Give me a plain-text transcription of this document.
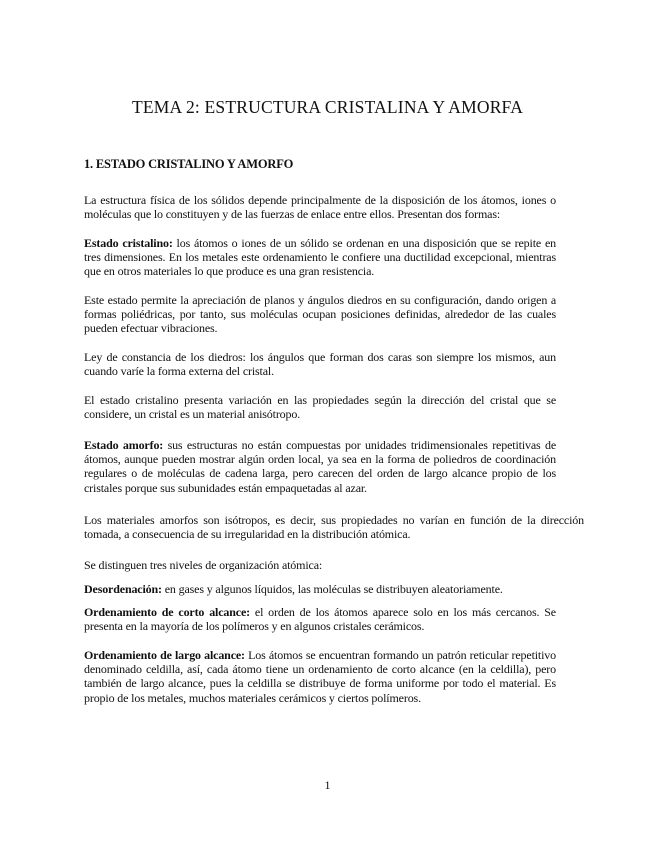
TEMA 2: ESTRUCTURA CRISTALINA Y AMORFA
1. ESTADO CRISTALINO Y AMORFO

La estructura física de los sólidos depende principalmente de la disposición de los átomos, iones o moléculas que lo constituyen y de las fuerzas de enlace entre ellos. Presentan dos formas:

Estado cristalino: los átomos o iones de un sólido se ordenan en una disposición que se repite en tres dimensiones. En los metales este ordenamiento le confiere una ductilidad excepcional, mientras que en otros materiales lo que produce es una gran resistencia.

Este estado permite la apreciación de planos y ángulos diedros en su configuración, dando origen a formas poliédricas, por tanto, sus moléculas ocupan posiciones definidas, alrededor de las cuales pueden efectuar vibraciones.

Ley de constancia de los diedros: los ángulos que forman dos caras son siempre los mismos, aun cuando varíe la forma externa del cristal.

El estado cristalino presenta variación en las propiedades según la dirección del cristal que se considere, un cristal es un material anisótropo.

Estado amorfo: sus estructuras no están compuestas por unidades tridimensionales repetitivas de átomos, aunque pueden mostrar algún orden local, ya sea en la forma de poliedros de coordinación regulares o de moléculas de cadena larga, pero carecen del orden de largo alcance propio de los cristales porque sus subunidades están empaquetadas al azar.

Los materiales amorfos son isótropos, es decir, sus propiedades no varían en función de la dirección tomada, a consecuencia de su irregularidad en la distribución atómica.

Se distinguen tres niveles de organización atómica:

Desordenación: en gases y algunos líquidos, las moléculas se distribuyen aleatoriamente.

Ordenamiento de corto alcance: el orden de los átomos aparece solo en los más cercanos. Se presenta en la mayoría de los polímeros y en algunos cristales cerámicos.

Ordenamiento de largo alcance: Los átomos se encuentran formando un patrón reticular repetitivo denominado celdilla, así, cada átomo tiene un ordenamiento de corto alcance (en la celdilla), pero también de largo alcance, pues la celdilla se distribuye de forma uniforme por todo el material. Es propio de los metales, muchos materiales cerámicos y ciertos polímeros.

1
